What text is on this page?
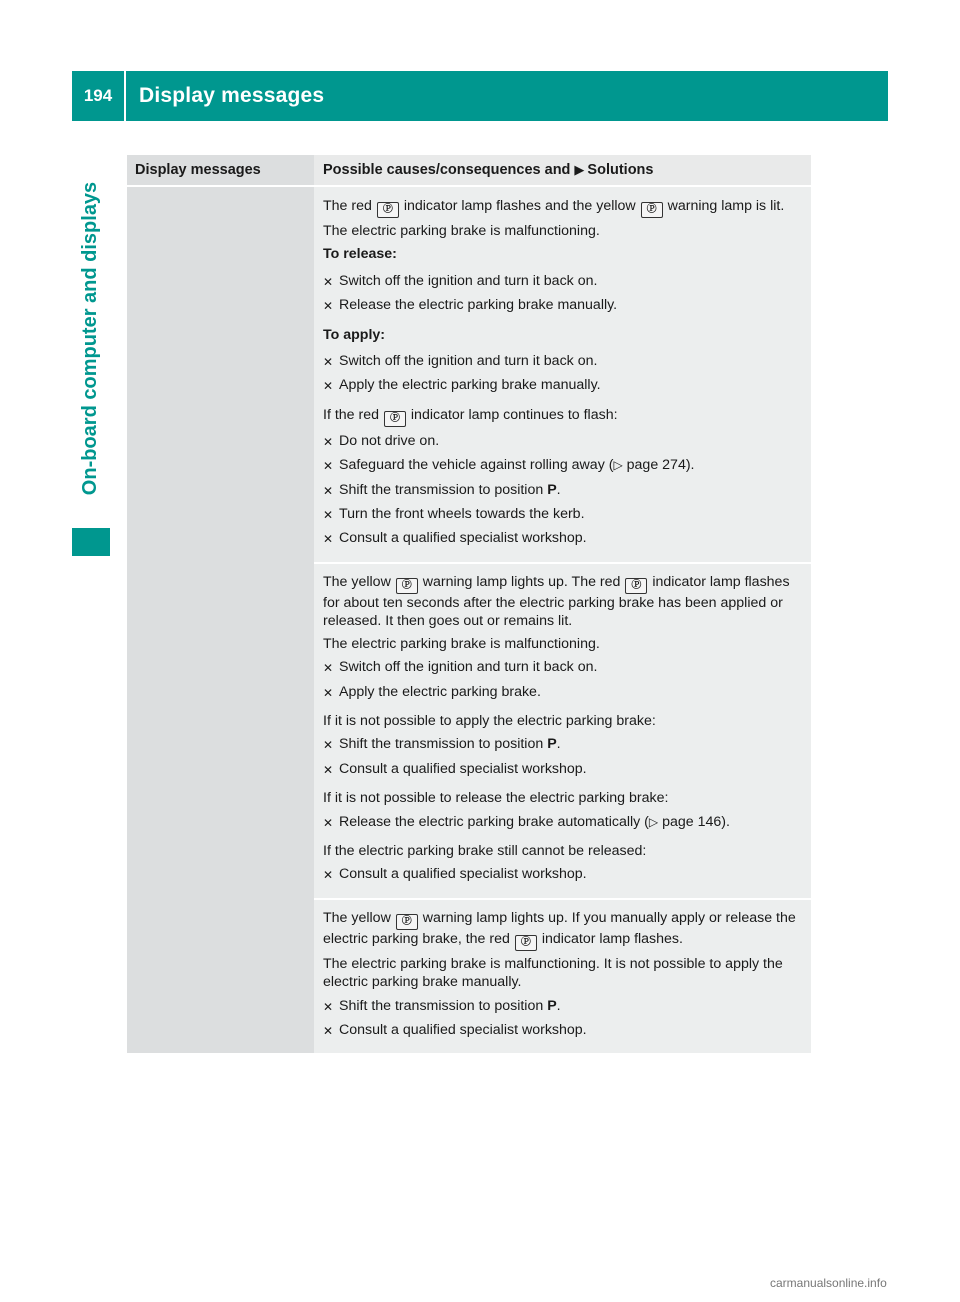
194	Display messages
On-board computer and displays
Display messages	Possible causes/consequences and ▶ Solutions

The red Ⓟ indicator lamp flashes and the yellow Ⓟ warning lamp is lit.

The electric parking brake is malfunctioning.

To release:

✕ Switch off the ignition and turn it back on.
✕ Release the electric parking brake manually.

To apply:

✕ Switch off the ignition and turn it back on.
✕ Apply the electric parking brake manually.

If the red Ⓟ indicator lamp continues to flash:

✕ Do not drive on.
✕ Safeguard the vehicle against rolling away (▷ page 274).
✕ Shift the transmission to position P.
✕ Turn the front wheels towards the kerb.
✕ Consult a qualified specialist workshop.

The yellow Ⓟ warning lamp lights up. The red Ⓟ indicator lamp flashes for about ten seconds after the electric parking brake has been applied or released. It then goes out or remains lit.

The electric parking brake is malfunctioning.

✕ Switch off the ignition and turn it back on.
✕ Apply the electric parking brake.

If it is not possible to apply the electric parking brake:

✕ Shift the transmission to position P.
✕ Consult a qualified specialist workshop.

If it is not possible to release the electric parking brake:

✕ Release the electric parking brake automatically (▷ page 146).

If the electric parking brake still cannot be released:

✕ Consult a qualified specialist workshop.

The yellow Ⓟ warning lamp lights up. If you manually apply or release the electric parking brake, the red Ⓟ indicator lamp flashes.

The electric parking brake is malfunctioning. It is not possible to apply the electric parking brake manually.

✕ Shift the transmission to position P.
✕ Consult a qualified specialist workshop.
carmanualsonline.info
